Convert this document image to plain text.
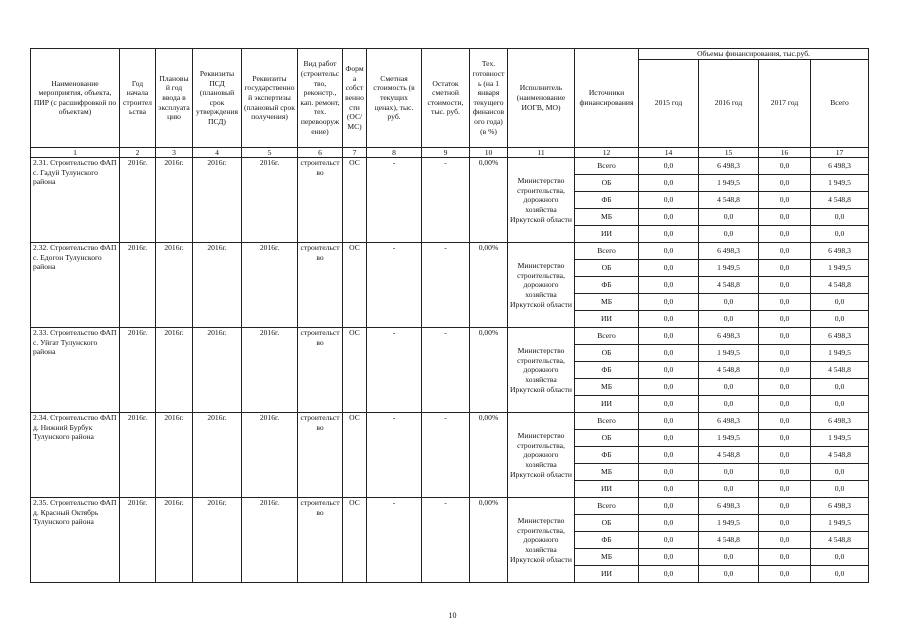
Наименование мероприятия, объекта, ПИР (с расшифровкой по объектам)	Год начала строительства	Плановый год ввода в эксплуатацию	Реквизиты ПСД (плановый срок утверждения ПСД)	Реквизиты государственной экспертизы (плановый срок получения)	Вид работ (строительство, реконстр., кап. ремонт, тех. перевооружение)	Форма собственности (ОС/МС)	Сметная стоимость (в текущих ценах), тыс. руб.	Остаток сметной стоимости, тыс. руб.	Тех. готовность (на 1 января текущего финансового года) (в %)	Исполнитель (наименование ИОГВ, МО)	Источники финансирования	Объемы финансирования, тыс.руб.			
												2015 год	2016 год	2017 год	Всего
1	2	3	4	5	6	7	8	9	10	11	12	14	15	16	17
2.31. Строительство ФАП с. Гадуй Тулунского района	2016г.	2016г.	2016г.	2016г.	строительство	ОС	-	-	0,00%	Министерство строительства, дорожного хозяйства Иркутской области	Всего	0,0	6 498,3	0,0	6 498,3
											ОБ	0,0	1 949,5	0,0	1 949,5
											ФБ	0,0	4 548,8	0,0	4 548,8
											МБ	0,0	0,0	0,0	0,0
											ИИ	0,0	0,0	0,0	0,0
2.32. Строительство ФАП с. Едогон Тулунского района	2016г.	2016г.	2016г.	2016г.	строительство	ОС	-	-	0,00%	Министерство строительства, дорожного хозяйства Иркутской области	Всего	0,0	6 498,3	0,0	6 498,3
											ОБ	0,0	1 949,5	0,0	1 949,5
											ФБ	0,0	4 548,8	0,0	4 548,8
											МБ	0,0	0,0	0,0	0,0
											ИИ	0,0	0,0	0,0	0,0
2.33. Строительство ФАП с. Уйгат Тулунского района	2016г.	2016г.	2016г.	2016г.	строительство	ОС	-	-	0,00%	Министерство строительства, дорожного хозяйства Иркутской области	Всего	0,0	6 498,3	0,0	6 498,3
											ОБ	0,0	1 949,5	0,0	1 949,5
											ФБ	0,0	4 548,8	0,0	4 548,8
											МБ	0,0	0,0	0,0	0,0
											ИИ	0,0	0,0	0,0	0,0
2.34. Строительство ФАП д. Нижний Бурбук Тулунского района	2016г.	2016г.	2016г.	2016г.	строительство	ОС	-	-	0,00%	Министерство строительства, дорожного хозяйства Иркутской области	Всего	0,0	6 498,3	0,0	6 498,3
											ОБ	0,0	1 949,5	0,0	1 949,5
											ФБ	0,0	4 548,8	0,0	4 548,8
											МБ	0,0	0,0	0,0	0,0
											ИИ	0,0	0,0	0,0	0,0
2.35. Строительство ФАП д. Красный Октябрь Тулунского района	2016г.	2016г.	2016г.	2016г.	строительство	ОС	-	-	0,00%	Министерство строительства, дорожного хозяйства Иркутской области	Всего	0,0	6 498,3	0,0	6 498,3
											ОБ	0,0	1 949,5	0,0	1 949,5
											ФБ	0,0	4 548,8	0,0	4 548,8
											МБ	0,0	0,0	0,0	0,0
											ИИ	0,0	0,0	0,0	0,0
10
